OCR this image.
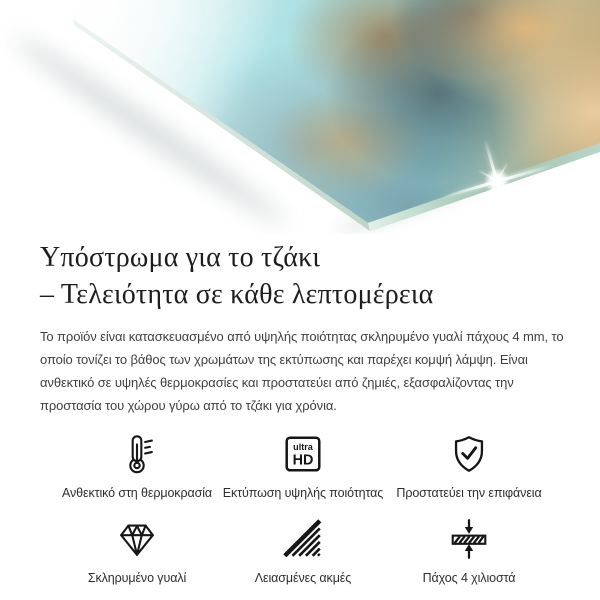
Υπόστρωμα για το τζάκι
– Τελειότητα σε κάθε λεπτομέρεια

Το προϊόν είναι κατασκευασμένο από υψηλής ποιότητας σκληρυμένο γυαλί πάχους 4 mm, το οποίο τονίζει το βάθος των χρωμάτων της εκτύπωσης και παρέχει κομψή λάμψη. Είναι ανθεκτικό σε υψηλές θερμοκρασίες και προστατεύει από ζημιές, εξασφαλίζοντας την προστασία του χώρου γύρω από το τζάκι για χρόνια.

Ανθεκτικό στη θερμοκρασία
ultra
HD
Εκτύπωση υψηλής ποιότητας Προστατεύει την επιφάνεια
Σκληρυμένο γυαλί	Λειασμένες ακμές	Πάχος 4 χιλιοστά
